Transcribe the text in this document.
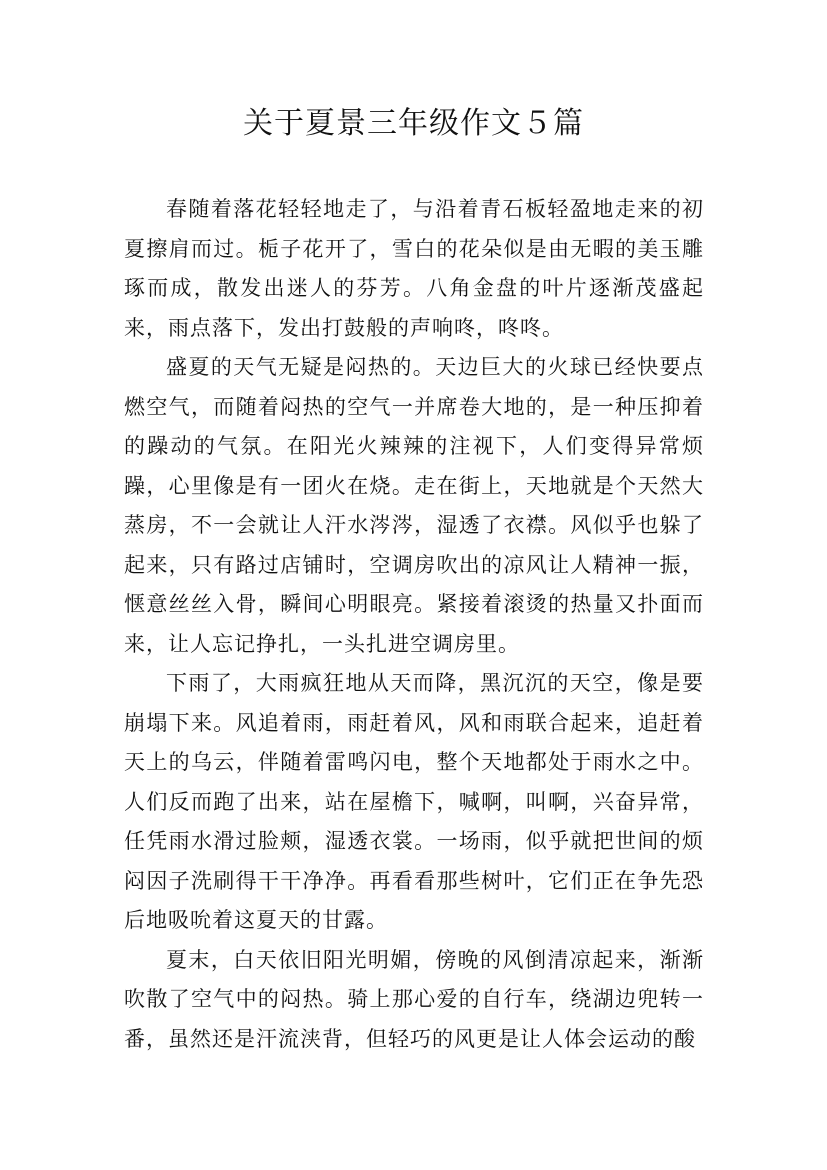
关于夏景三年级作文５篇

春随着落花轻轻地走了，与沿着青石板轻盈地走来的初夏擦肩而过。栀子花开了，雪白的花朵似是由无暇的美玉雕琢而成，散发出迷人的芬芳。八角金盘的叶片逐渐茂盛起来，雨点落下，发出打鼓般的声响咚，咚咚。

盛夏的天气无疑是闷热的。天边巨大的火球已经快要点燃空气，而随着闷热的空气一并席卷大地的，是一种压抑着的躁动的气氛。在阳光火辣辣的注视下，人们变得异常烦躁，心里像是有一团火在烧。走在街上，天地就是个天然大蒸房，不一会就让人汗水涔涔，湿透了衣襟。风似乎也躲了起来，只有路过店铺时，空调房吹出的凉风让人精神一振，惬意丝丝入骨，瞬间心明眼亮。紧接着滚烫的热量又扑面而来，让人忘记挣扎，一头扎进空调房里。

下雨了，大雨疯狂地从天而降，黑沉沉的天空，像是要崩塌下来。风追着雨，雨赶着风，风和雨联合起来，追赶着天上的乌云，伴随着雷鸣闪电，整个天地都处于雨水之中。人们反而跑了出来，站在屋檐下，喊啊，叫啊，兴奋异常，任凭雨水滑过脸颊，湿透衣裳。一场雨，似乎就把世间的烦闷因子洗刷得干干净净。再看看那些树叶，它们正在争先恐后地吸吮着这夏天的甘露。

夏末，白天依旧阳光明媚，傍晚的风倒清凉起来，渐渐吹散了空气中的闷热。骑上那心爱的自行车，绕湖边兜转一番，虽然还是汗流浃背，但轻巧的风更是让人体会运动的酸
